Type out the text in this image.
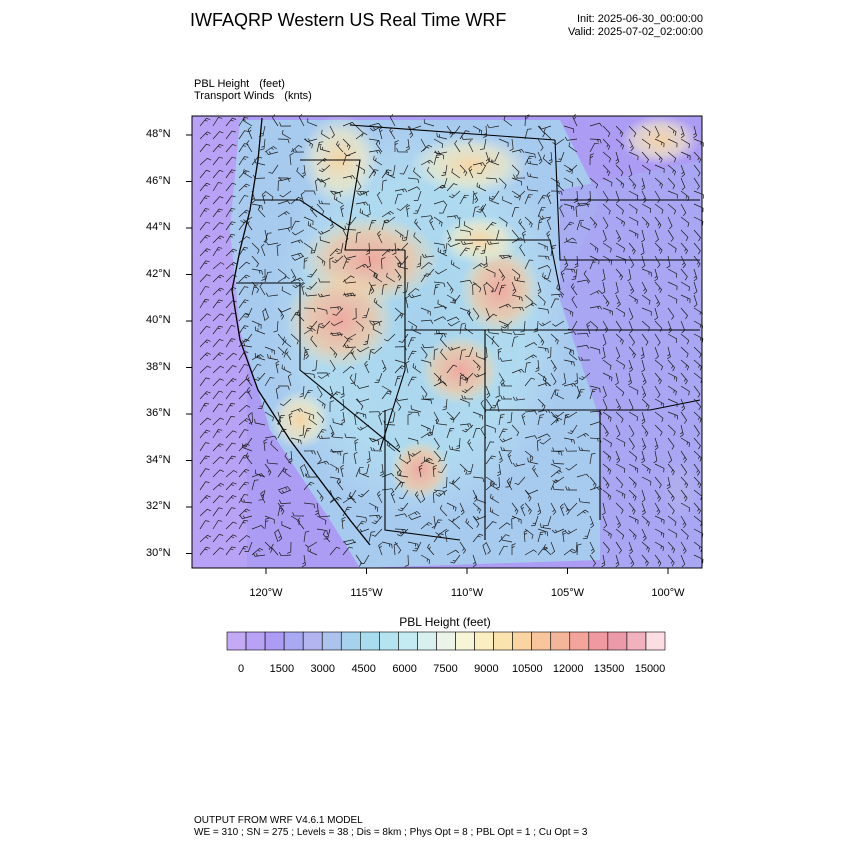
IWFAQRP Western US Real Time WRF	Init: 2025-06-30_00:00:00
Valid: 2025-07-02_02:00:00
PBL Height (feet)
Transport Winds (knts)
48°N
46°N
44°N
42°N
40°N
38°N
36°N
34°N
32°N
30°N
120°W	115°W	110°W	105°W	100°W
PBL Height (feet)
0	1500	3000	4500	6000	7500	9000	10500 12000 13500 15000
OUTPUT FROM WRF V4.6.1 MODEL
WE = 310 ; SN = 275 ; Levels = 38 ; Dis = 8km ; Phys Opt = 8 ; PBL Opt = 1 ; Cu Opt = 3
